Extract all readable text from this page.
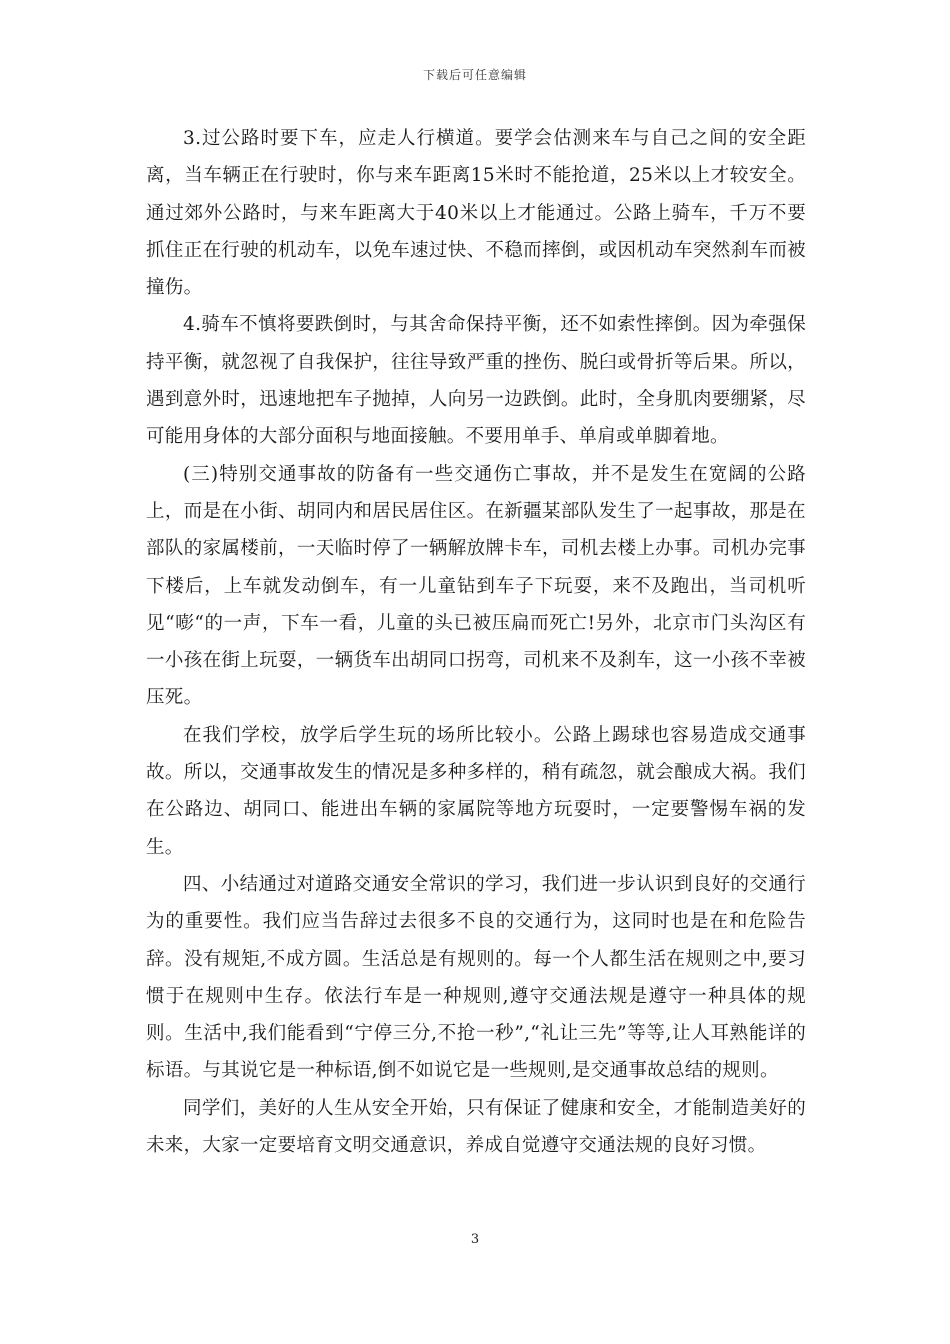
下载后可任意编辑

3.过公路时要下车，应走人行横道。要学会估测来车与自己之间的安全距离，当车辆正在行驶时，你与来车距离15米时不能抢道，25米以上才较安全。通过郊外公路时，与来车距离大于40米以上才能通过。公路上骑车，千万不要抓住正在行驶的机动车，以免车速过快、不稳而摔倒，或因机动车突然刹车而被撞伤。

4.骑车不慎将要跌倒时，与其舍命保持平衡，还不如索性摔倒。因为牵强保持平衡，就忽视了自我保护，往往导致严重的挫伤、脱臼或骨折等后果。所以，遇到意外时，迅速地把车子抛掉，人向另一边跌倒。此时，全身肌肉要绷紧，尽可能用身体的大部分面积与地面接触。不要用单手、单肩或单脚着地。

(三)特别交通事故的防备有一些交通伤亡事故，并不是发生在宽阔的公路上，而是在小街、胡同内和居民居住区。在新疆某部队发生了一起事故，那是在部队的家属楼前，一天临时停了一辆解放牌卡车，司机去楼上办事。司机办完事下楼后，上车就发动倒车，有一儿童钻到车子下玩耍，来不及跑出，当司机听见“嘭“的一声，下车一看，儿童的头已被压扁而死亡!另外，北京市门头沟区有一小孩在街上玩耍，一辆货车出胡同口拐弯，司机来不及刹车，这一小孩不幸被压死。

在我们学校，放学后学生玩的场所比较小。公路上踢球也容易造成交通事故。所以，交通事故发生的情况是多种多样的，稍有疏忽，就会酿成大祸。我们在公路边、胡同口、能进出车辆的家属院等地方玩耍时，一定要警惕车祸的发生。

四、小结通过对道路交通安全常识的学习，我们进一步认识到良好的交通行为的重要性。我们应当告辞过去很多不良的交通行为，这同时也是在和危险告辞。没有规矩,不成方圆。生活总是有规则的。每一个人都生活在规则之中,要习惯于在规则中生存。依法行车是一种规则,遵守交通法规是遵守一种具体的规则。生活中,我们能看到“宁停三分,不抢一秒”,“礼让三先”等等,让人耳熟能详的标语。与其说它是一种标语,倒不如说它是一些规则,是交通事故总结的规则。

同学们，美好的人生从安全开始，只有保证了健康和安全，才能制造美好的未来，大家一定要培育文明交通意识，养成自觉遵守交通法规的良好习惯。

3
